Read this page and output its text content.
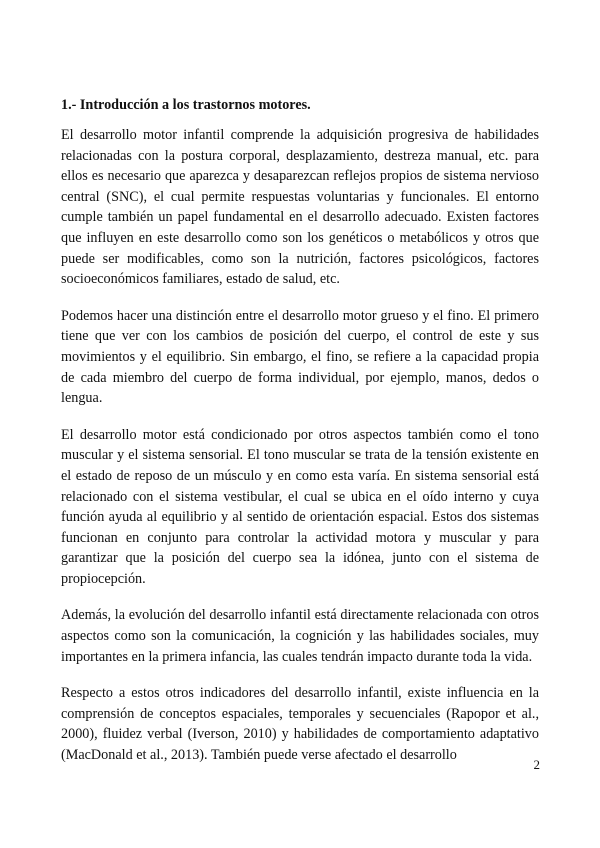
1.- Introducción a los trastornos motores.

El desarrollo motor infantil comprende la adquisición progresiva de habilidades relacionadas con la postura corporal, desplazamiento, destreza manual, etc. para ellos es necesario que aparezca y desaparezcan reflejos propios de sistema nervioso central (SNC), el cual permite respuestas voluntarias y funcionales. El entorno cumple también un papel fundamental en el desarrollo adecuado. Existen factores que influyen en este desarrollo como son los genéticos o metabólicos y otros que puede ser modificables, como son la nutrición, factores psicológicos, factores socioeconómicos familiares, estado de salud, etc.

Podemos hacer una distinción entre el desarrollo motor grueso y el fino. El primero tiene que ver con los cambios de posición del cuerpo, el control de este y sus movimientos y el equilibrio. Sin embargo, el fino, se refiere a la capacidad propia de cada miembro del cuerpo de forma individual, por ejemplo, manos, dedos o lengua.

El desarrollo motor está condicionado por otros aspectos también como el tono muscular y el sistema sensorial. El tono muscular se trata de la tensión existente en el estado de reposo de un músculo y en como esta varía. En sistema sensorial está relacionado con el sistema vestibular, el cual se ubica en el oído interno y cuya función ayuda al equilibrio y al sentido de orientación espacial. Estos dos sistemas funcionan en conjunto para controlar la actividad motora y muscular y para garantizar que la posición del cuerpo sea la idónea, junto con el sistema de propiocepción.

Además, la evolución del desarrollo infantil está directamente relacionada con otros aspectos como son la comunicación, la cognición y las habilidades sociales, muy importantes en la primera infancia, las cuales tendrán impacto durante toda la vida.

Respecto a estos otros indicadores del desarrollo infantil, existe influencia en la comprensión de conceptos espaciales, temporales y secuenciales (Rapopor et al., 2000), fluidez verbal (Iverson, 2010) y habilidades de comportamiento adaptativo (MacDonald et al., 2013). También puede verse afectado el desarrollo

2
